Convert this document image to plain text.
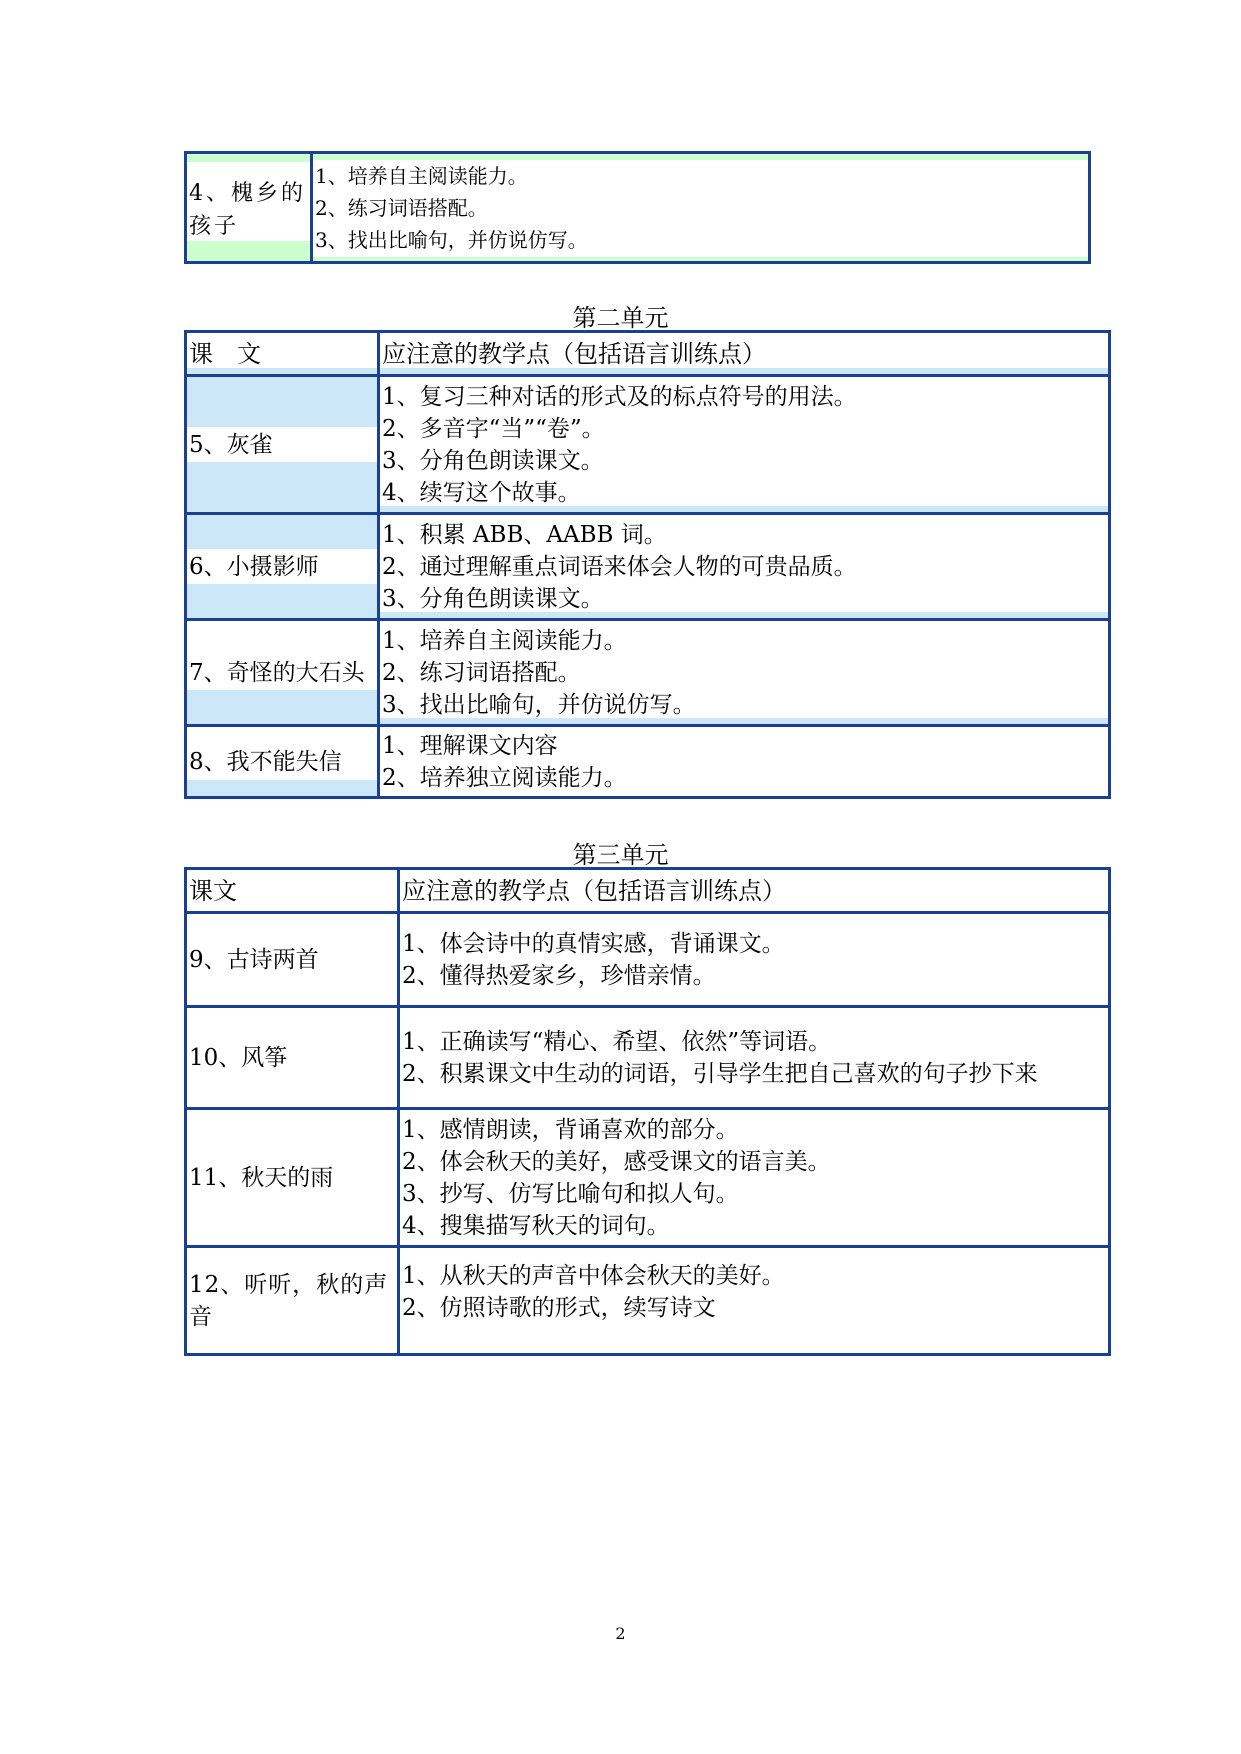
4、槐乡的孩子

1、培养自主阅读能力。
2、练习词语搭配。
3、找出比喻句，并仿说仿写。
第二单元
课　文	应注意的教学点（包括语言训练点）

5、灰雀	1、复习三种对话的形式及的标点符号的用法。
2、多音字“当”“卷”。
3、分角色朗读课文。
4、续写这个故事。

6、小摄影师	1、积累 ABB、AABB 词。
2、通过理解重点词语来体会人物的可贵品质。
3、分角色朗读课文。

7、奇怪的大石头	1、培养自主阅读能力。
2、练习词语搭配。
3、找出比喻句，并仿说仿写。

8、我不能失信	1、理解课文内容
2、培养独立阅读能力。
第三单元
课文	应注意的教学点（包括语言训练点）
9、古诗两首	1、体会诗中的真情实感，背诵课文。
2、懂得热爱家乡，珍惜亲情。

10、风筝	1、正确读写“精心、希望、依然”等词语。
2、积累课文中生动的词语，引导学生把自己喜欢的句子抄下来

11、秋天的雨	1、感情朗读，背诵喜欢的部分。
2、体会秋天的美好，感受课文的语言美。
3、抄写、仿写比喻句和拟人句。
4、搜集描写秋天的词句。

12、听听，秋的声音	1、从秋天的声音中体会秋天的美好。
2、仿照诗歌的形式，续写诗文
2
